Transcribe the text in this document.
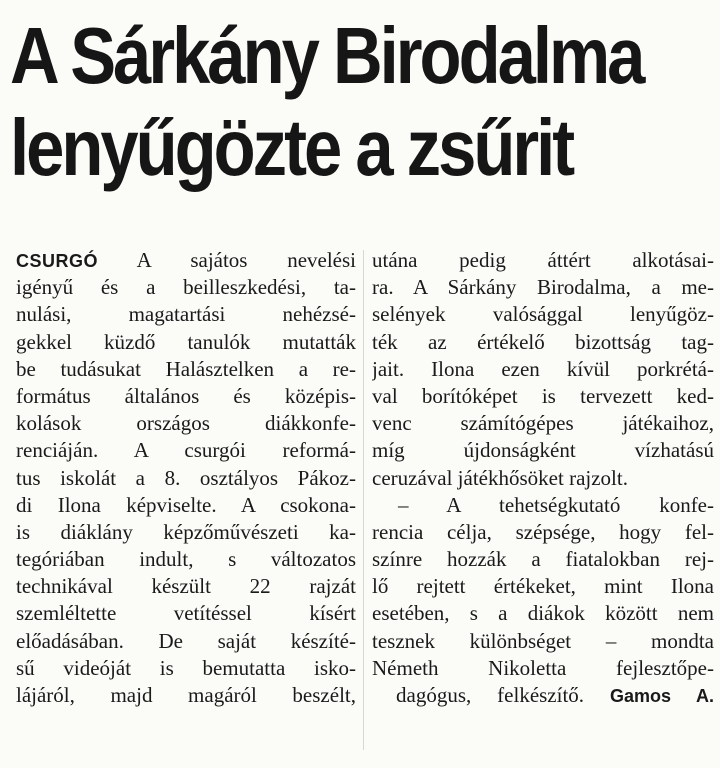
A Sárkány Birodalma
lenyűgözte a zsűrit
CSURGÓ A sajátos nevelési
igényű és a beilleszkedési, ta-
nulási, magatartási nehézsé-
gekkel küzdő tanulók mutatták
be tudásukat Halásztelken a re-
formátus általános és középis-
kolások országos diákkonfe-
renciáján. A csurgói reformá-
tus iskolát a 8. osztályos Pákoz-
di Ilona képviselte. A csokona-
is diáklány képzőművészeti ka-
tegóriában indult, s változatos
technikával készült 22 rajzát
szemléltette vetítéssel kísért
előadásában. De saját készíté-
sű videóját is bemutatta isko-
lájáról, majd magáról beszélt,
utána pedig áttért alkotásai-
ra. A Sárkány Birodalma, a me-
selények valósággal lenyűgöz-
ték az értékelő bizottság tag-
jait. Ilona ezen kívül porkrétá-
val borítóképet is tervezett ked-
venc számítógépes játékaihoz,
míg újdonságként vízhatású
ceruzával játékhősöket rajzolt.
– A tehetségkutató konfe-
rencia célja, szépsége, hogy fel-
színre hozzák a fiatalokban rej-
lő rejtett értékeket, mint Ilona
esetében, s a diákok között nem
tesznek különbséget – mondta
Németh Nikoletta fejlesztőpe-
dagógus, felkészítő. Gamos A.
